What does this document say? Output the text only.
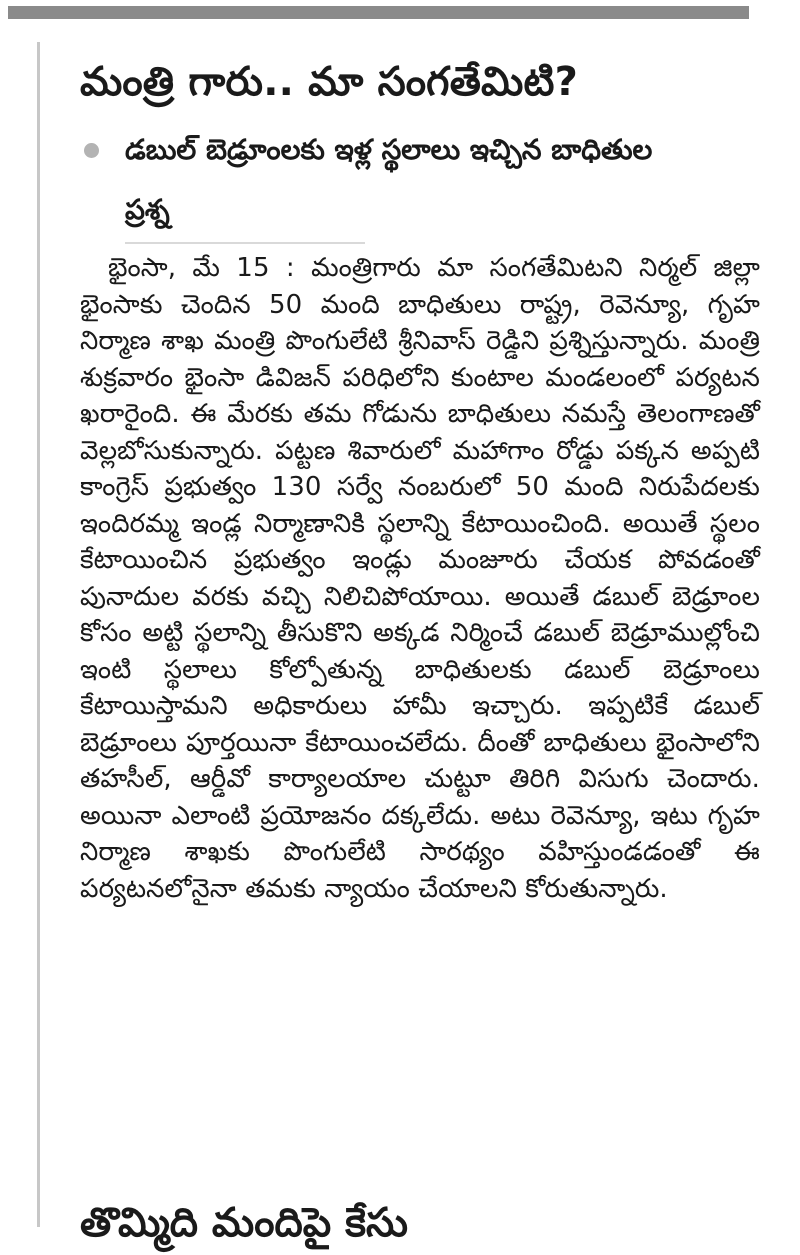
మంత్రి గారు.. మా సంగతేమిటి?
డబుల్ బెడ్రూంలకు ఇళ్ల స్థలాలు ఇచ్చిన బాధితుల ప్రశ్న

భైంసా, మే 15 : మంత్రిగారు మా సంగతేమిటని నిర్మల్ జిల్లా భైంసాకు చెందిన 50 మంది బాధితులు రాష్ట్ర, రెవెన్యూ, గృహ నిర్మాణ శాఖ మంత్రి పొంగులేటి శ్రీనివాస్ రెడ్డిని ప్రశ్నిస్తున్నారు. మంత్రి శుక్రవారం భైంసా డివిజన్ పరిధిలోని కుంటాల మండలంలో పర్యటన ఖరారైంది. ఈ మేరకు తమ గోడును బాధితులు నమస్తే తెలంగాణతో వెల్లబోసుకున్నారు. పట్టణ శివారులో మహాగాం రోడ్డు పక్కన అప్పటి కాంగ్రెస్ ప్రభుత్వం 130 సర్వే నంబరులో 50 మంది నిరుపేదలకు ఇందిరమ్మ ఇండ్ల నిర్మాణానికి స్థలాన్ని కేటాయించింది. అయితే స్థలం కేటాయించిన ప్రభుత్వం ఇండ్లు మంజూరు చేయక పోవడంతో పునాదుల వరకు వచ్చి నిలిచిపోయాయి. అయితే డబుల్ బెడ్రూంల కోసం అట్టి స్థలాన్ని తీసుకొని అక్కడ నిర్మించే డబుల్ బెడ్రూముల్లోంచి ఇంటి స్థలాలు కోల్పోతున్న బాధితులకు డబుల్ బెడ్రూంలు కేటాయిస్తామని అధికారులు హామీ ఇచ్చారు. ఇప్పటికే డబుల్ బెడ్రూంలు పూర్తయినా కేటాయించలేదు. దీంతో బాధితులు భైంసాలోని తహసీల్, ఆర్డీవో కార్యాలయాల చుట్టూ తిరిగి విసుగు చెందారు. అయినా ఎలాంటి ప్రయోజనం దక్కలేదు. అటు రెవెన్యూ, ఇటు గృహ నిర్మాణ శాఖకు పొంగులేటి సారథ్యం వహిస్తుండడంతో ఈ పర్యటనలోనైనా తమకు న్యాయం చేయాలని కోరుతున్నారు.

తొమ్మిది మందిపై కేసు
